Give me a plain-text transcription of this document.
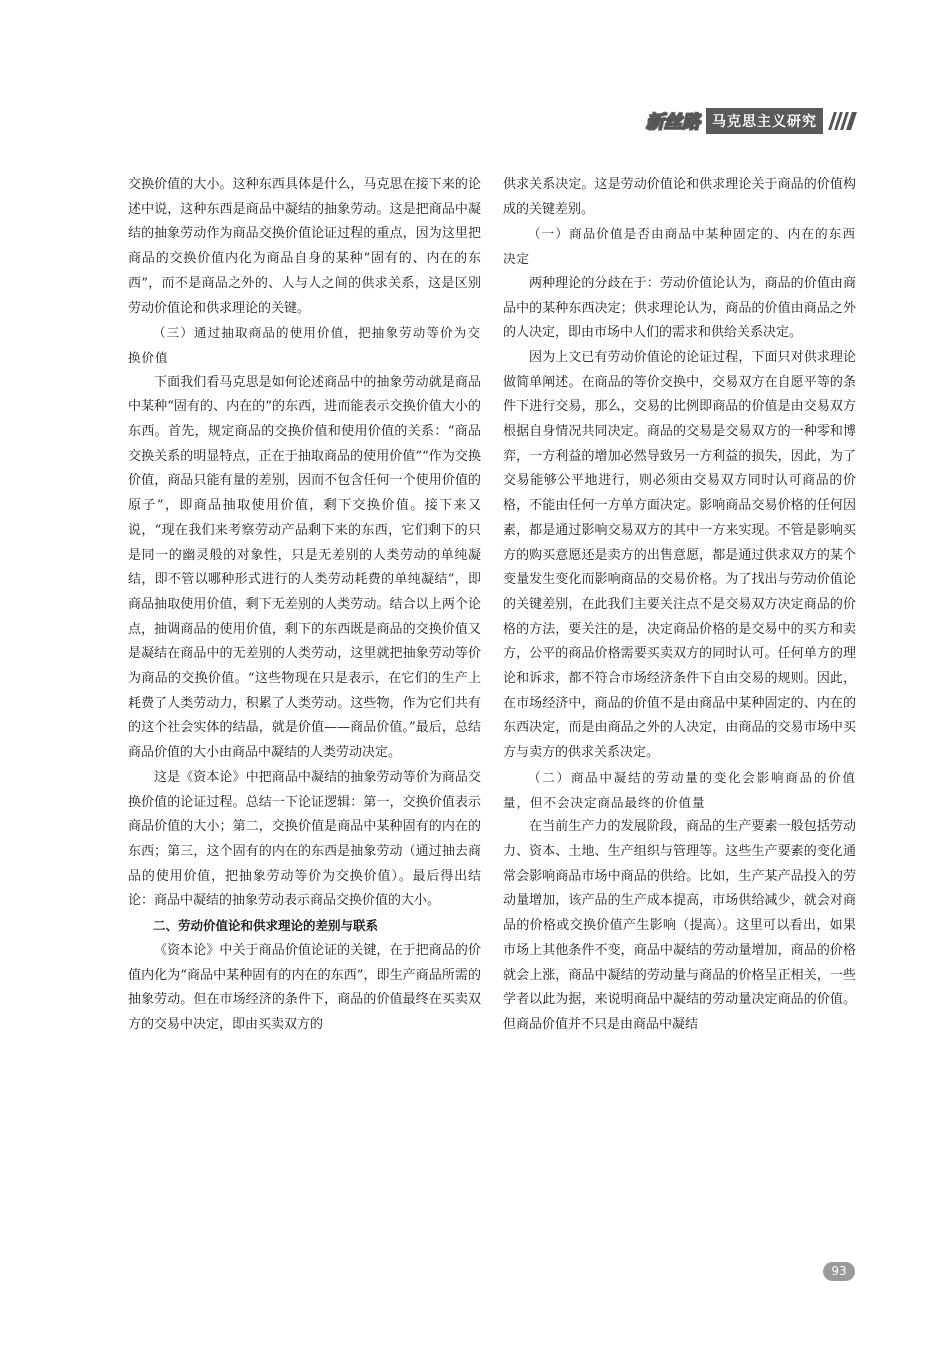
新丝路 马克思主义研究

交换价值的大小。这种东西具体是什么，马克思在接下来的论述中说，这种东西是商品中凝结的抽象劳动。这是把商品中凝结的抽象劳动作为商品交换价值论证过程的重点，因为这里把商品的交换价值内化为商品自身的某种“固有的、内在的东西”，而不是商品之外的、人与人之间的供求关系，这是区别劳动价值论和供求理论的关键。

（三）通过抽取商品的使用价值，把抽象劳动等价为交换价值

下面我们看马克思是如何论述商品中的抽象劳动就是商品中某种“固有的、内在的”的东西，进而能表示交换价值大小的东西。首先，规定商品的交换价值和使用价值的关系：“商品交换关系的明显特点，正在于抽取商品的使用价值”“作为交换价值，商品只能有量的差别，因而不包含任何一个使用价值的原子”，即商品抽取使用价值，剩下交换价值。接下来又说，“现在我们来考察劳动产品剩下来的东西，它们剩下的只是同一的幽灵般的对象性，只是无差别的人类劳动的单纯凝结，即不管以哪种形式进行的人类劳动耗费的单纯凝结”，即商品抽取使用价值，剩下无差别的人类劳动。结合以上两个论点，抽调商品的使用价值，剩下的东西既是商品的交换价值又是凝结在商品中的无差别的人类劳动，这里就把抽象劳动等价为商品的交换价值。“这些物现在只是表示，在它们的生产上耗费了人类劳动力，积累了人类劳动。这些物，作为它们共有的这个社会实体的结晶，就是价值——商品价值。”最后，总结商品价值的大小由商品中凝结的人类劳动决定。

这是《资本论》中把商品中凝结的抽象劳动等价为商品交换价值的论证过程。总结一下论证逻辑：第一，交换价值表示商品价值的大小；第二，交换价值是商品中某种固有的内在的东西；第三，这个固有的内在的东西是抽象劳动（通过抽去商品的使用价值，把抽象劳动等价为交换价值）。最后得出结论：商品中凝结的抽象劳动表示商品交换价值的大小。

二、劳动价值论和供求理论的差别与联系

《资本论》中关于商品价值论证的关键，在于把商品的价值内化为“商品中某种固有的内在的东西”，即生产商品所需的抽象劳动。但在市场经济的条件下，商品的价值最终在买卖双方的交易中决定，即由买卖双方的

供求关系决定。这是劳动价值论和供求理论关于商品的价值构成的关键差别。

（一）商品价值是否由商品中某种固定的、内在的东西决定

两种理论的分歧在于：劳动价值论认为，商品的价值由商品中的某种东西决定；供求理论认为，商品的价值由商品之外的人决定，即由市场中人们的需求和供给关系决定。

因为上文已有劳动价值论的论证过程，下面只对供求理论做简单阐述。在商品的等价交换中，交易双方在自愿平等的条件下进行交易，那么，交易的比例即商品的价值是由交易双方根据自身情况共同决定。商品的交易是交易双方的一种零和博弈，一方利益的增加必然导致另一方利益的损失，因此，为了交易能够公平地进行，则必须由交易双方同时认可商品的价格，不能由任何一方单方面决定。影响商品交易价格的任何因素，都是通过影响交易双方的其中一方来实现。不管是影响买方的购买意愿还是卖方的出售意愿，都是通过供求双方的某个变量发生变化而影响商品的交易价格。为了找出与劳动价值论的关键差别，在此我们主要关注点不是交易双方决定商品的价格的方法，要关注的是，决定商品价格的是交易中的买方和卖方，公平的商品价格需要买卖双方的同时认可。任何单方的理论和诉求，都不符合市场经济条件下自由交易的规则。因此，在市场经济中，商品的价值不是由商品中某种固定的、内在的东西决定，而是由商品之外的人决定，由商品的交易市场中买方与卖方的供求关系决定。

（二）商品中凝结的劳动量的变化会影响商品的价值量，但不会决定商品最终的价值量

在当前生产力的发展阶段，商品的生产要素一般包括劳动力、资本、土地、生产组织与管理等。这些生产要素的变化通常会影响商品市场中商品的供给。比如，生产某产品投入的劳动量增加，该产品的生产成本提高，市场供给减少，就会对商品的价格或交换价值产生影响（提高）。这里可以看出，如果市场上其他条件不变，商品中凝结的劳动量增加，商品的价格就会上涨，商品中凝结的劳动量与商品的价格呈正相关，一些学者以此为据，来说明商品中凝结的劳动量决定商品的价值。但商品价值并不只是由商品中凝结

93
